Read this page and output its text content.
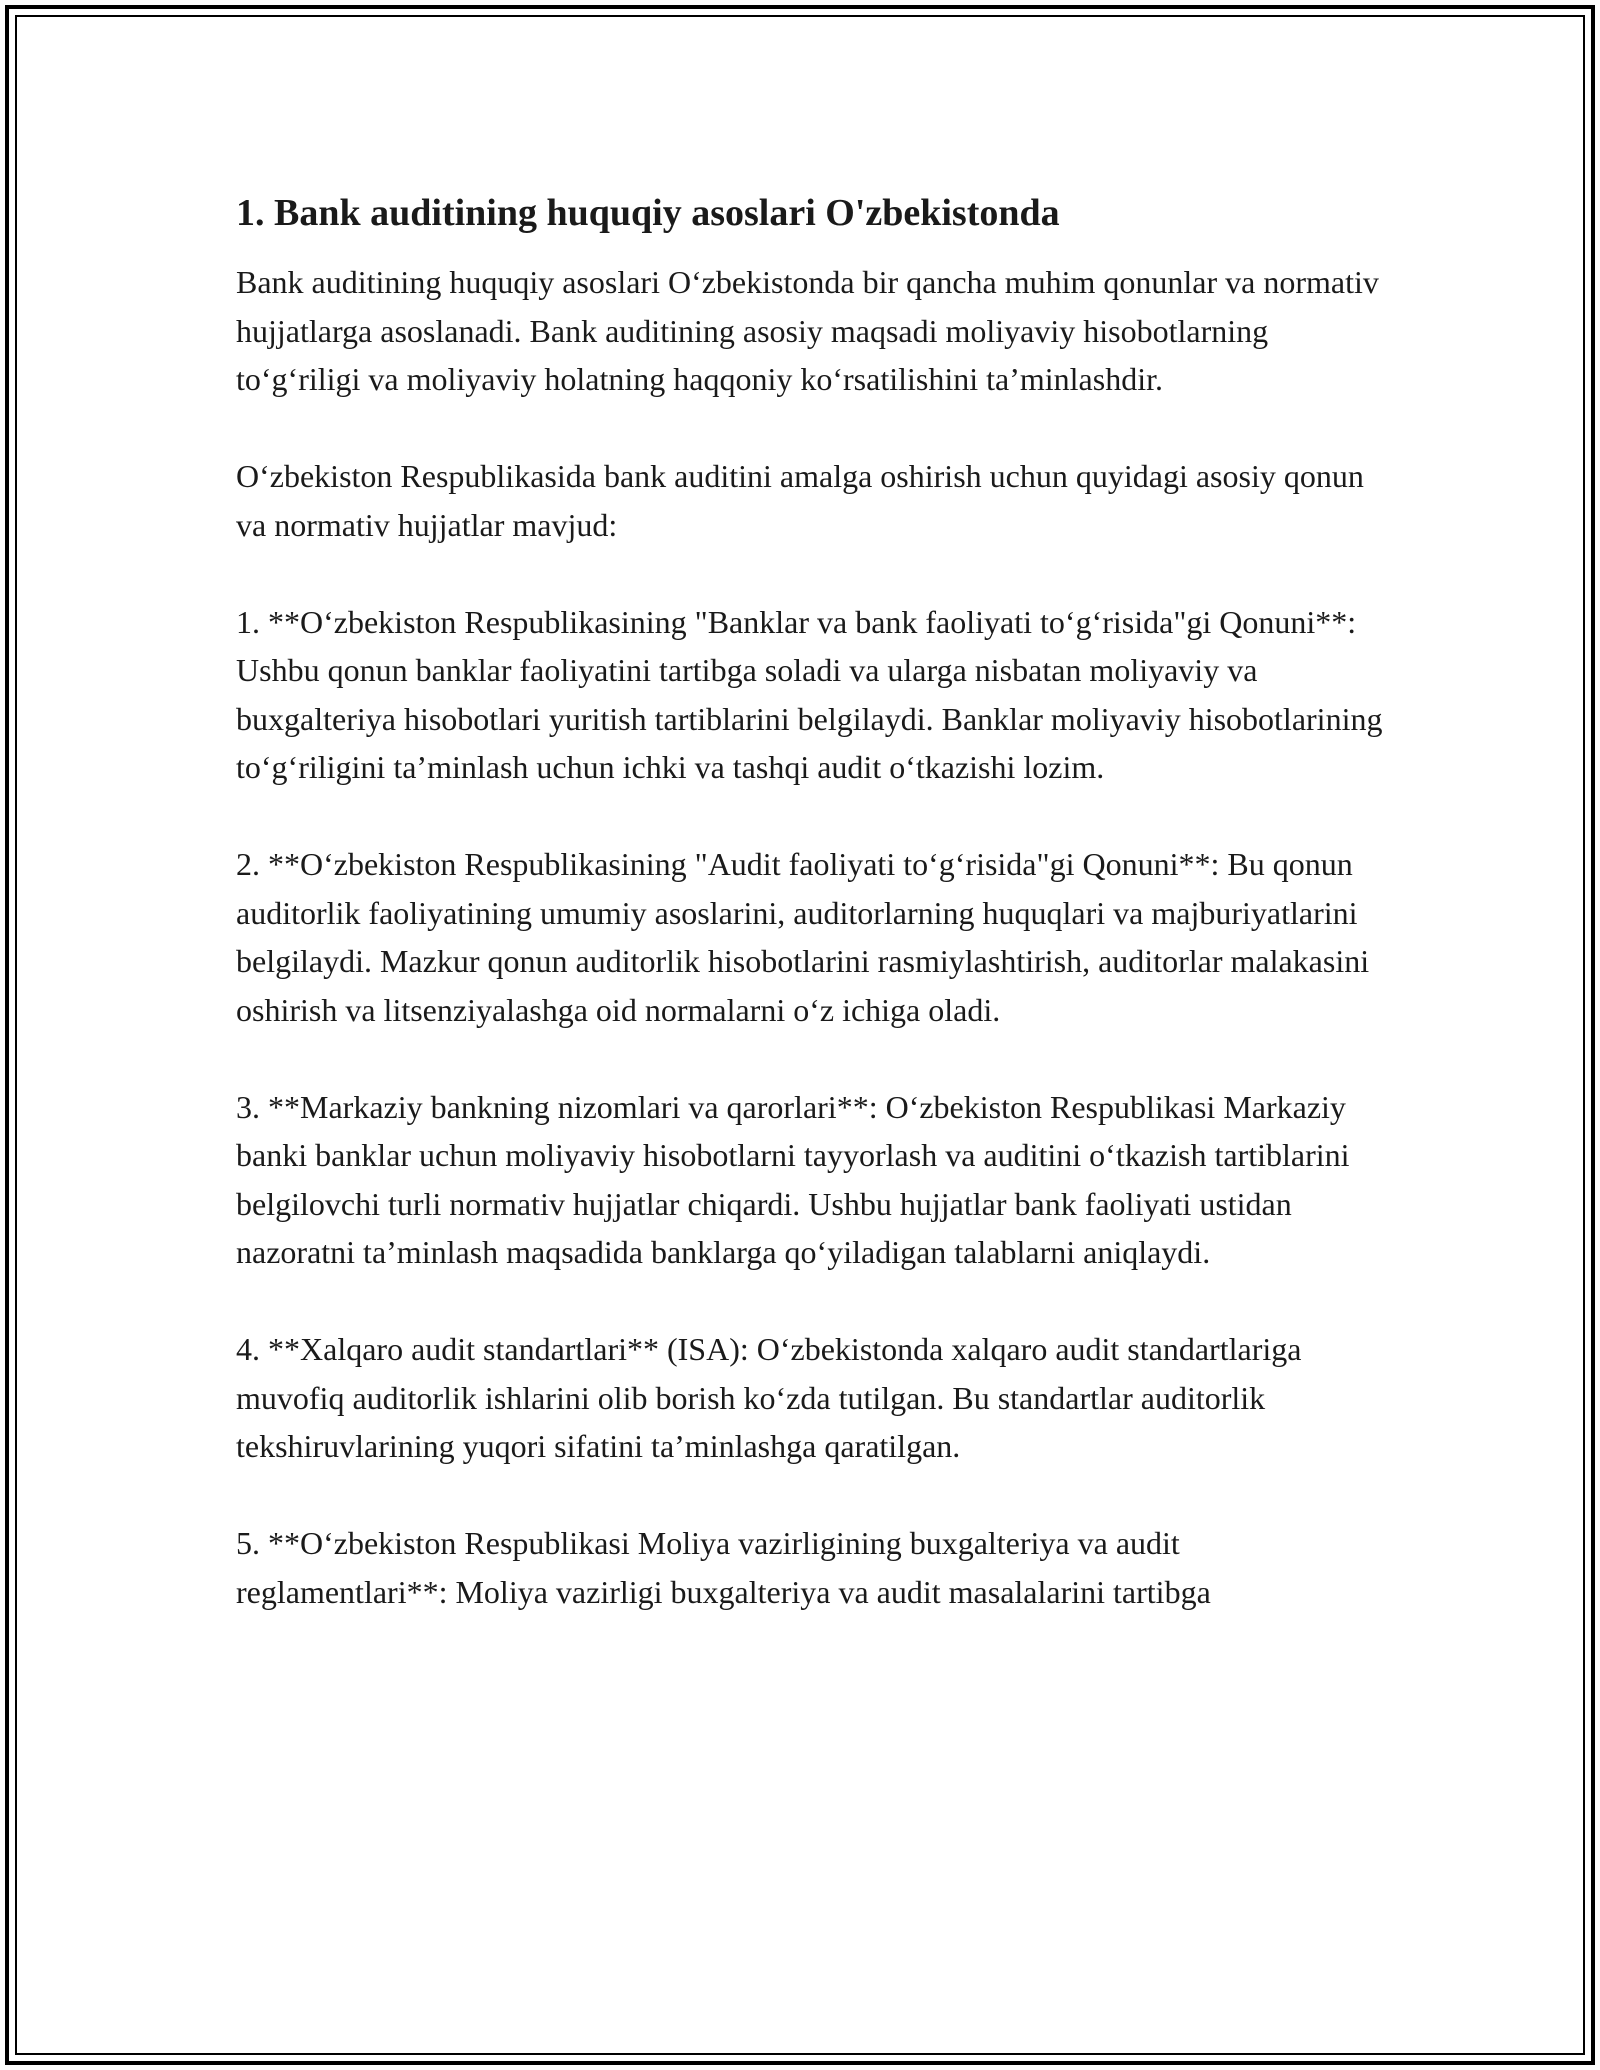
1. Bank auditining huquqiy asoslari O'zbekistonda

Bank auditining huquqiy asoslari O‘zbekistonda bir qancha muhim qonunlar va normativ hujjatlarga asoslanadi. Bank auditining asosiy maqsadi moliyaviy hisobotlarning to‘g‘riligi va moliyaviy holatning haqqoniy ko‘rsatilishini ta’minlashdir.

O‘zbekiston Respublikasida bank auditini amalga oshirish uchun quyidagi asosiy qonun va normativ hujjatlar mavjud:

1. **O‘zbekiston Respublikasining "Banklar va bank faoliyati to‘g‘risida"gi Qonuni**: Ushbu qonun banklar faoliyatini tartibga soladi va ularga nisbatan moliyaviy va buxgalteriya hisobotlari yuritish tartiblarini belgilaydi. Banklar moliyaviy hisobotlarining to‘g‘riligini ta’minlash uchun ichki va tashqi audit o‘tkazishi lozim.

2. **O‘zbekiston Respublikasining "Audit faoliyati to‘g‘risida"gi Qonuni**: Bu qonun auditorlik faoliyatining umumiy asoslarini, auditorlarning huquqlari va majburiyatlarini belgilaydi. Mazkur qonun auditorlik hisobotlarini rasmiylashtirish, auditorlar malakasini oshirish va litsenziyalashga oid normalarni o‘z ichiga oladi.

3. **Markaziy bankning nizomlari va qarorlari**: O‘zbekiston Respublikasi Markaziy banki banklar uchun moliyaviy hisobotlarni tayyorlash va auditini o‘tkazish tartiblarini belgilovchi turli normativ hujjatlar chiqardi. Ushbu hujjatlar bank faoliyati ustidan nazoratni ta’minlash maqsadida banklarga qo‘yiladigan talablarni aniqlaydi.

4. **Xalqaro audit standartlari** (ISA): O‘zbekistonda xalqaro audit standartlariga muvofiq auditorlik ishlarini olib borish ko‘zda tutilgan. Bu standartlar auditorlik tekshiruvlarining yuqori sifatini ta’minlashga qaratilgan.

5. **O‘zbekiston Respublikasi Moliya vazirligining buxgalteriya va audit reglamentlari**: Moliya vazirligi buxgalteriya va audit masalalarini tartibga
